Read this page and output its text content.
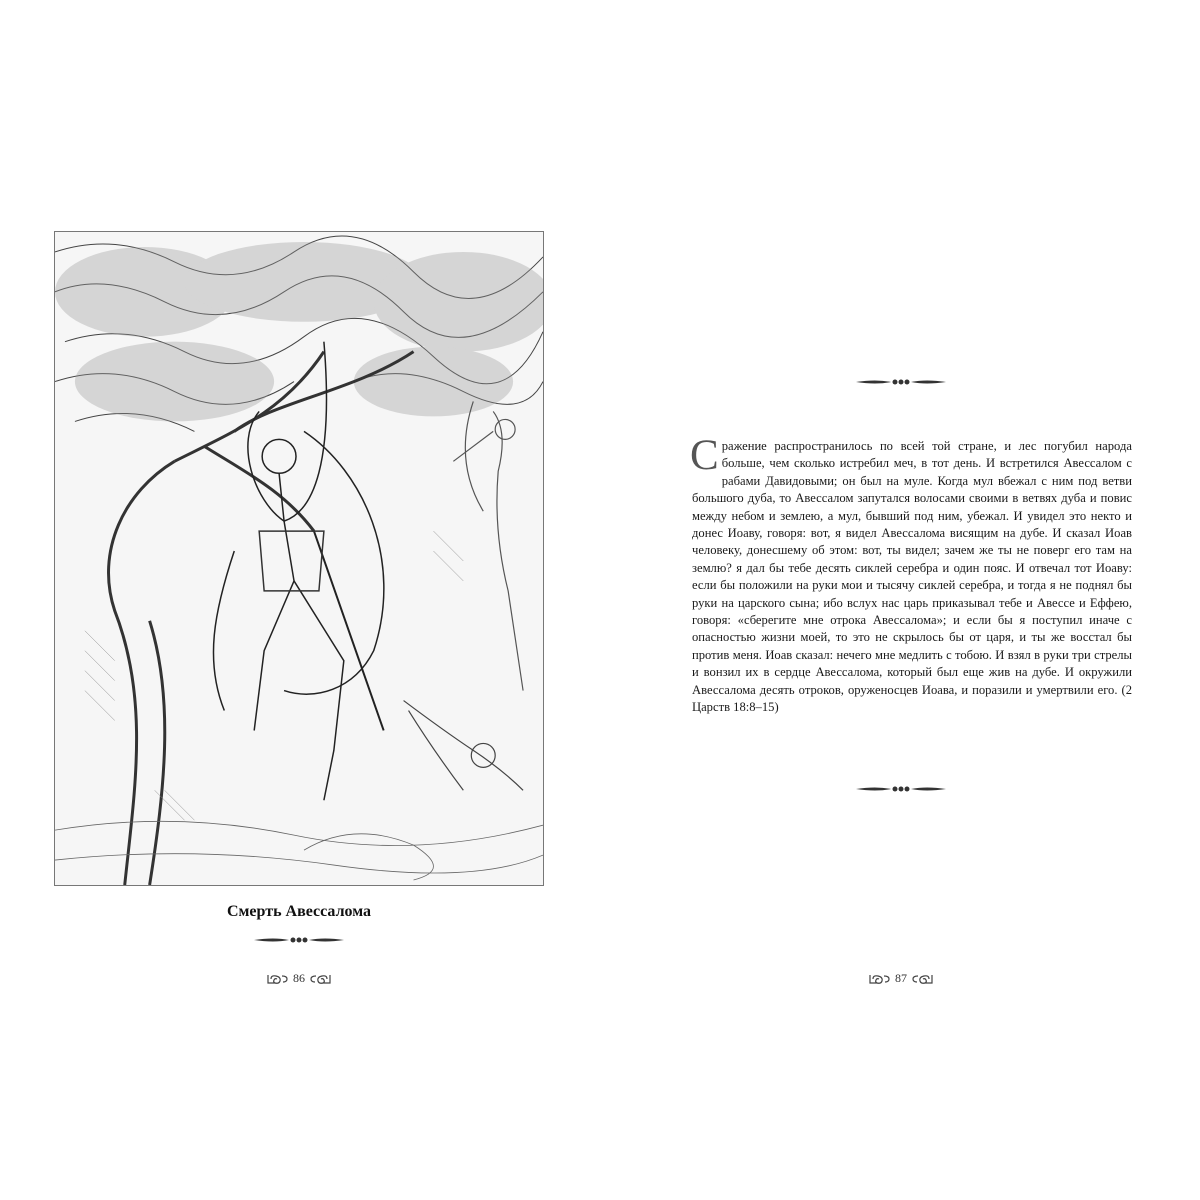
Смерть Авессалома
86
Сражение распространилось по всей той стране, и лес погубил народа больше, чем сколько истребил меч, в тот день. И встретился Авессалом с рабами Давидовыми; он был на муле. Когда мул вбежал с ним под ветви большого дуба, то Авессалом запутался волосами своими в ветвях дуба и повис между небом и землею, а мул, бывший под ним, убежал. И увидел это некто и донес Иоаву, говоря: вот, я видел Авессалома висящим на дубе. И сказал Иоав человеку, донесшему об этом: вот, ты видел; зачем же ты не поверг его там на землю? я дал бы тебе десять сиклей серебра и один пояс. И отвечал тот Иоаву: если бы положили на руки мои и тысячу сиклей серебра, и тогда я не поднял бы руки на царского сына; ибо вслух нас царь приказывал тебе и Авессе и Еффею, говоря: «сберегите мне отрока Авессалома»; и если бы я поступил иначе с опасностью жизни моей, то это не скрылось бы от царя, и ты же восстал бы против меня. Иоав сказал: нечего мне медлить с тобою. И взял в руки три стрелы и вонзил их в сердце Авессалома, который был еще жив на дубе. И окружили Авессалома десять отроков, оруженосцев Иоава, и поразили и умертвили его. (2 Царств 18:8–15)
87
